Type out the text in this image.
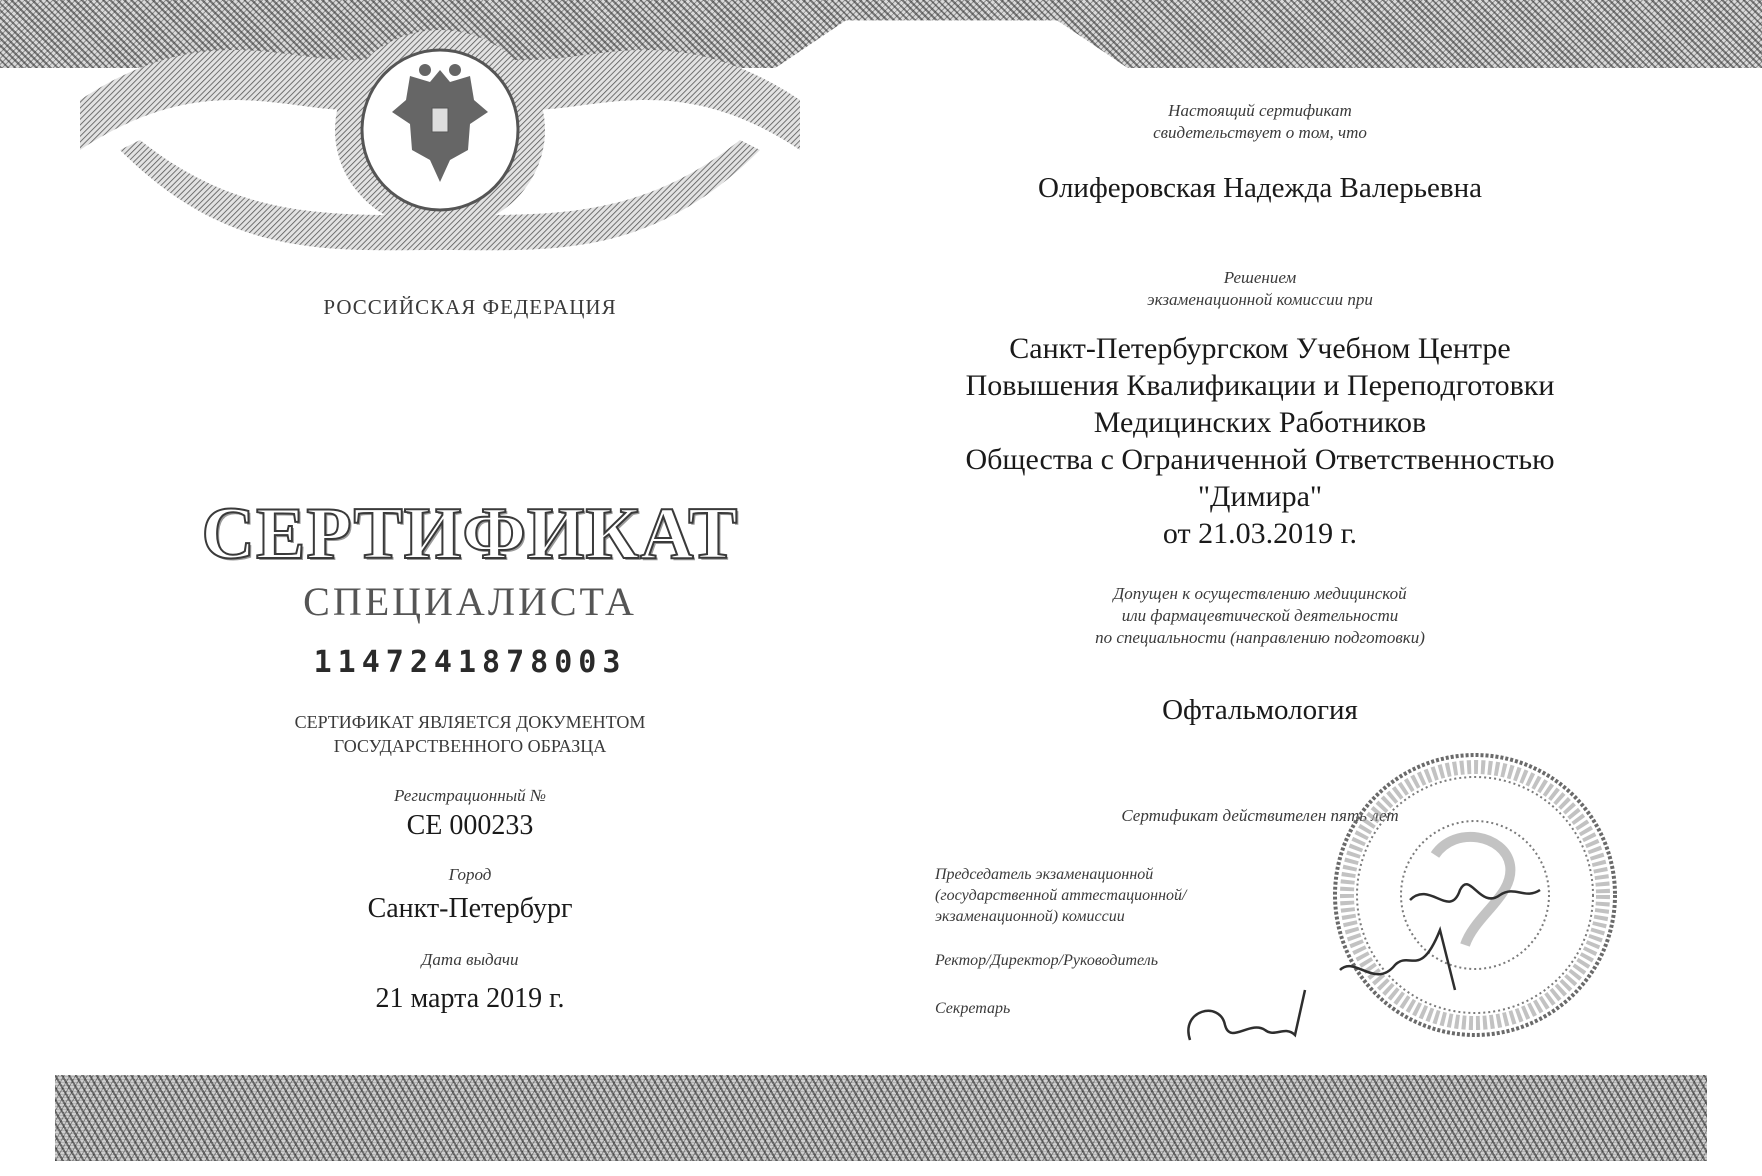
РОССИЙСКАЯ ФЕДЕРАЦИЯ
СЕРТИФИКАТ
СПЕЦИАЛИСТА
1147241878003
СЕРТИФИКАТ ЯВЛЯЕТСЯ ДОКУМЕНТОМ
ГОСУДАРСТВЕННОГО ОБРАЗЦА
Регистрационный №
СЕ 000233
Город
Санкт-Петербург
Дата выдачи
21 марта 2019 г.
Настоящий сертификат
свидетельствует о том, что
Олиферовская Надежда Валерьевна
Решением
экзаменационной комиссии при
Санкт-Петербургском Учебном Центре
Повышения Квалификации и Переподготовки
Медицинских Работников
Общества с Ограниченной Ответственностью
"Димира"
от 21.03.2019 г.
Допущен к осуществлению медицинской
или фармацевтической деятельности
по специальности (направлению подготовки)
Офтальмология
Сертификат действителен пять лет
Председатель экзаменационной
(государственной аттестационной/
экзаменационной) комиссии
Ректор/Директор/Руководитель
Секретарь
